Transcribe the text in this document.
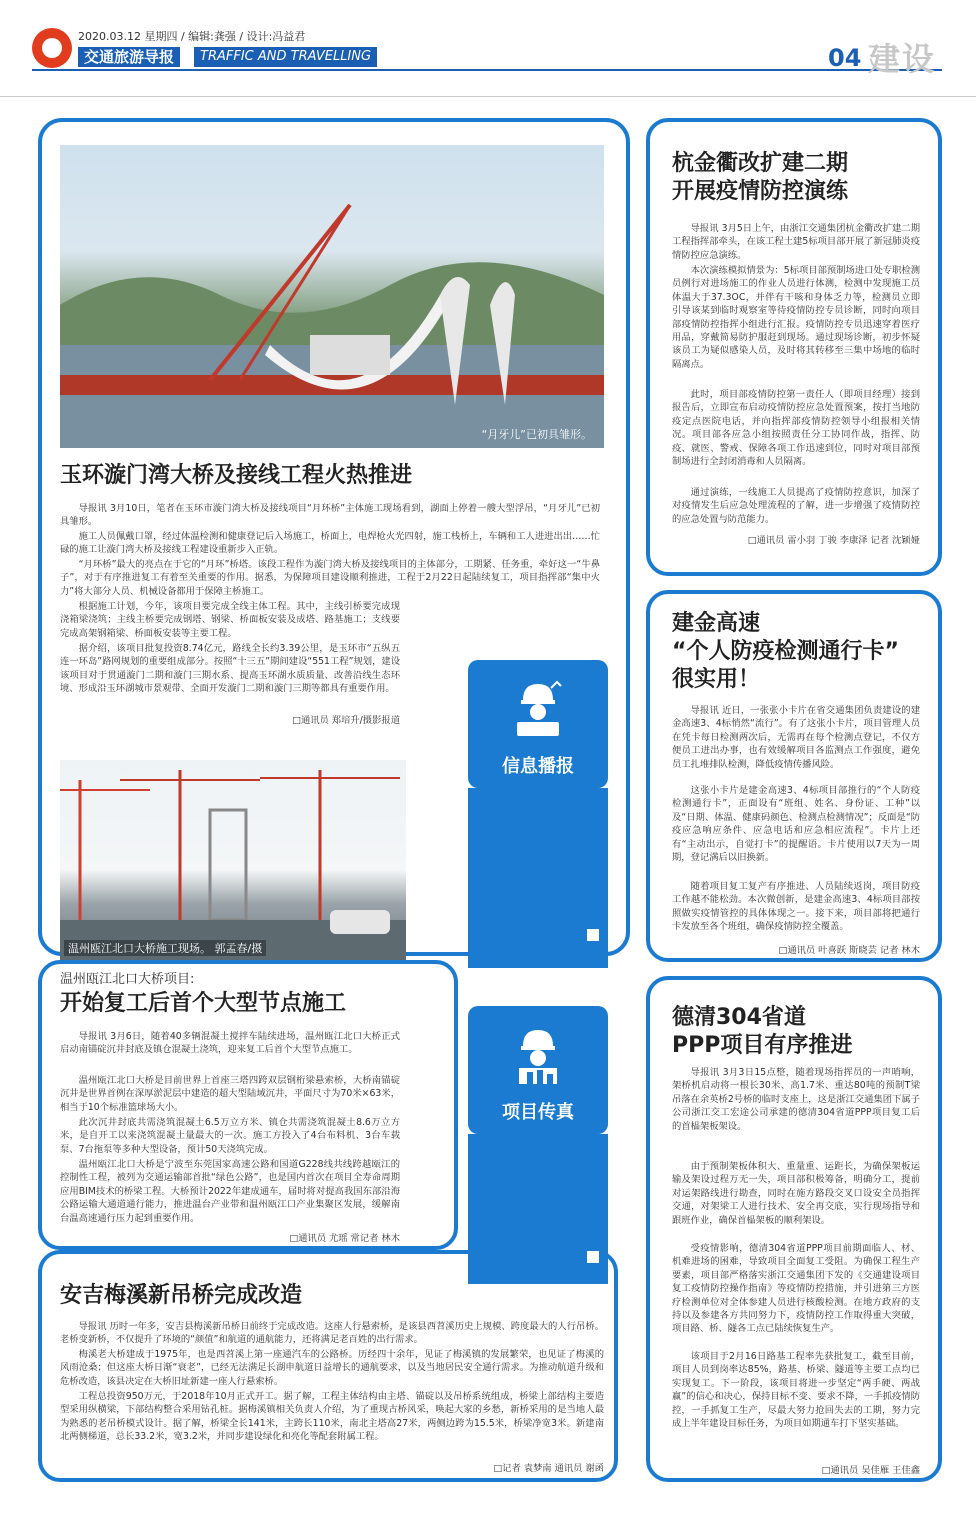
2020.03.12 星期四 / 编辑:龚强 / 设计:冯益君
交通旅游导报	TRAFFIC AND TRAVELLING	04 建设
“月牙儿”已初具雏形。
玉环漩门湾大桥及接线工程火热推进

导报讯 3月10日，笔者在玉环市漩门湾大桥及接线项目“月环桥”主体施工现场看到，湖面上停着一艘大型浮吊，“月牙儿”已初具雏形。

施工人员佩戴口罩，经过体温检测和健康登记后入场施工，桥面上，电焊枪火光四射，施工栈桥上，车辆和工人进进出出……忙碌的施工让漩门湾大桥及接线工程建设重新步入正轨。

“月环桥”最大的亮点在于它的“月环”桥塔。该段工程作为漩门湾大桥及接线项目的主体部分，工期紧、任务重，牵好这一“牛鼻子”，对于有序推进复工有着至关重要的作用。据悉，为保障项目建设顺利推进，工程于2月22日起陆续复工，项目指挥部“集中火力”将大部分人员、机械设备都用于保障主桥施工。

根据施工计划，今年，该项目要完成全线主体工程。其中，主线引桥要完成现浇箱梁浇筑；主线主桥要完成钢塔、钢梁、桥面板安装及成塔、路基施工；支线要完成高架钢箱梁、桥面板安装等主要工程。

据介绍，该项目批复投资8.74亿元，路线全长约3.39公里，是玉环市“五纵五连一环岛”路网规划的重要组成部分。按照“十三五”期间建设“551工程”规划，建设该项目对于贯通漩门二期和漩门三期水系、提高玉环湖水质质量、改善沿线生态环境、形成沿玉环湖城市景观带、全面开发漩门二期和漩门三期等都具有重要作用。

□通讯员 郑培升/摄影报道
信息播报
温州瓯江北口大桥施工现场。 郭孟春/摄
温州瓯江北口大桥项目:
开始复工后首个大型节点施工

导报讯 3月6日，随着40多辆混凝土搅拌车陆续进场，温州瓯江北口大桥正式启动南锚碇沉井封底及镇仓混凝土浇筑，迎来复工后首个大型节点施工。

温州瓯江北口大桥是目前世界上首座三塔四跨双层钢桁梁悬索桥，大桥南锚碇沉井是世界首例在深厚淤泥层中建造的超大型陆域沉井，平面尺寸为70米×63米，相当于10个标准篮球场大小。

此次沉井封底共需浇筑混凝土6.5万立方米、镇仓共需浇筑混凝土8.6万立方米，是自开工以来浇筑混凝土量最大的一次。施工方投入了4台布料机、3台车载泵、7台拖泵等多种大型设备，预计50天浇筑完成。

温州瓯江北口大桥是宁波至东莞国家高速公路和国道G228线共线跨越瓯江的控制性工程，被列为交通运输部首批“绿色公路”，也是国内首次在项目全寿命周期应用BIM技术的桥梁工程。大桥预计2022年建成通车，届时将对提高我国东部沿海公路运输大通道通行能力，推进温台产业带和温州瓯江口产业集聚区发展，缓解南台温高速通行压力起到重要作用。

□通讯员 尤瑶 常记者 林木
项目传真
安吉梅溪新吊桥完成改造

导报讯 历时一年多，安吉县梅溪新吊桥日前终于完成改造。这座人行悬索桥，是该县西苕溪历史上规模、跨度最大的人行吊桥。老桥变新桥，不仅提升了环境的“颜值”和航道的通航能力，还将满足老百姓的出行需求。

梅溪老大桥建成于1975年，也是西苕溪上第一座通汽车的公路桥。历经四十余年，见证了梅溪镇的发展繁荣，也见证了梅溪的风雨沧桑；但这座大桥日渐“衰老”，已经无法满足长湖申航道日益增长的通航要求，以及当地居民安全通行需求。为推动航道升级和危桥改造，该县决定在大桥旧址新建一座人行悬索桥。

工程总投资950万元，于2018年10月正式开工。据了解，工程主体结构由主塔、锚碇以及吊桥系统组成，桥梁上部结构主要造型采用纵横梁，下部结构整合采用钻孔桩。据梅溪镇相关负责人介绍，为了重现古桥风采，唤起大家的乡愁，新桥采用的是当地人最为熟悉的老吊桥模式设计。据了解，桥梁全长141米，主跨长110米，南北主塔高27米，两侧边跨为15.5米，桥梁净宽3米。新建南北两侧梯道，总长33.2米，宽3.2米，并同步建设绿化和亮化等配套附属工程。

□记者 袁梦南 通讯员 谢函
杭金衢改扩建二期
开展疫情防控演练

导报讯 3月5日上午，由浙江交通集团杭金衢改扩建二期工程指挥部牵头，在该工程土建5标项目部开展了新冠肺炎疫情防控应急演练。

本次演练模拟情景为：5标项目部预制场进口处专职检测员例行对进场施工的作业人员进行体测，检测中发现施工员体温大于37.3OC，并伴有干咳和身体乏力等，检测员立即引导该某到临时观察室等待疫情防控专员诊断，同时向项目部疫情防控指挥小组进行汇报。疫情防控专员迅速穿着医疗用品，穿戴简易防护服赶到现场。通过现场诊断，初步怀疑该员工为疑似感染人员，及时将其转移至三集中场地的临时隔离点。

此时，项目部疫情防控第一责任人（即项目经理）接到报告后，立即宣布启动疫情防控应急处置预案，按打当地防疫定点医院电话，并向指挥部疫情防控领导小组报相关情况。项目部各应急小组按照责任分工协同作战，指挥、防疫、就医、警戒、保障各项工作迅速到位，同时对项目部预制场进行全封闭消毒和人员隔离。

通过演练，一线施工人员提高了疫情防控意识，加深了对疫情发生后应急处理流程的了解，进一步增强了疫情防控的应急处置与防范能力。

□通讯员 雷小羽 丁骏 李康泽 记者 沈颖娅
建金高速
“个人防疫检测通行卡”
很实用！

导报讯 近日，一张张小卡片在省交通集团负责建设的建金高速3、4标悄然“流行”。有了这张小卡片，项目管理人员在凭卡每日检测两次后，无需再在每个检测点登记，不仅方便员工进出办事，也有效缓解项目各监测点工作强度，避免员工扎堆排队检测，降低疫情传播风险。

这张小卡片是建金高速3、4标项目部推行的“个人防疫检测通行卡”，正面设有“班组、姓名、身份证、工种”以及“日期、体温、健康码颜色、检测点检测情况”；反面是“防疫应急响应条件、应急电话和应急相应流程”。卡片上还有“主动出示，自觉打卡”的提醒语。卡片使用以7天为一周期，登记满后以旧换新。

随着项目复工复产有序推进、人员陆续返岗，项目防疫工作越不能松劲。本次微创新，是建金高速3、4标项目部按照做实疫情管控的具体体现之一。接下来，项目部将把通行卡发放至各个班组，确保疫情防控全覆盖。

□通讯员 叶喜跃 斯晓芸 记者 林木
德清304省道
PPP项目有序推进

导报讯 3月3日15点整，随着现场指挥员的一声哨响，架桥机启动将一根长30米、高1.7米、重达80吨的预制T梁吊落在余英桥2号桥的临时支座上，这是浙江交通集团下属子公司浙江交工宏途公司承建的德清304省道PPP项目复工后的首榀架板架设。

由于预制架板体积大、重量重、运距长，为确保架板运输及架设过程万无一失，项目部积极筹备，明确分工，提前对运架路线进行勘查，同时在施方路段交叉口设安全员指挥交通，对架梁工人进行技术、安全再交底，实行现场指导和跟班作业，确保首榀架板的顺利架设。

受疫情影响，德清304省道PPP项目前期面临人、材、机难进场的困难，导致项目全面复工受阻。为确保工程生产要素，项目部严格落实浙江交通集团下发的《交通建设项目复工疫情防控操作指南》等疫情防控措施，并引进第三方医疗检测单位对全体参建人员进行核酸检测。在地方政府的支持以及参建各方共同努力下，疫情防控工作取得重大突破，项目路、桥、隧各工点已陆续恢复生产。

该项目于2月16日路基工程率先获批复工，截至目前，项目人员到岗率达85%，路基、桥梁、隧道等主要工点均已实现复工。下一阶段，该项目将进一步坚定“两手硬、两战赢”的信心和决心，保持目标不变、要求不降，一手抓疫情防控，一手抓复工生产，尽最大努力抢回失去的工期，努力完成上半年建设目标任务，为项目如期通车打下坚实基础。

□通讯员 吴佳雁 王佳鑫
